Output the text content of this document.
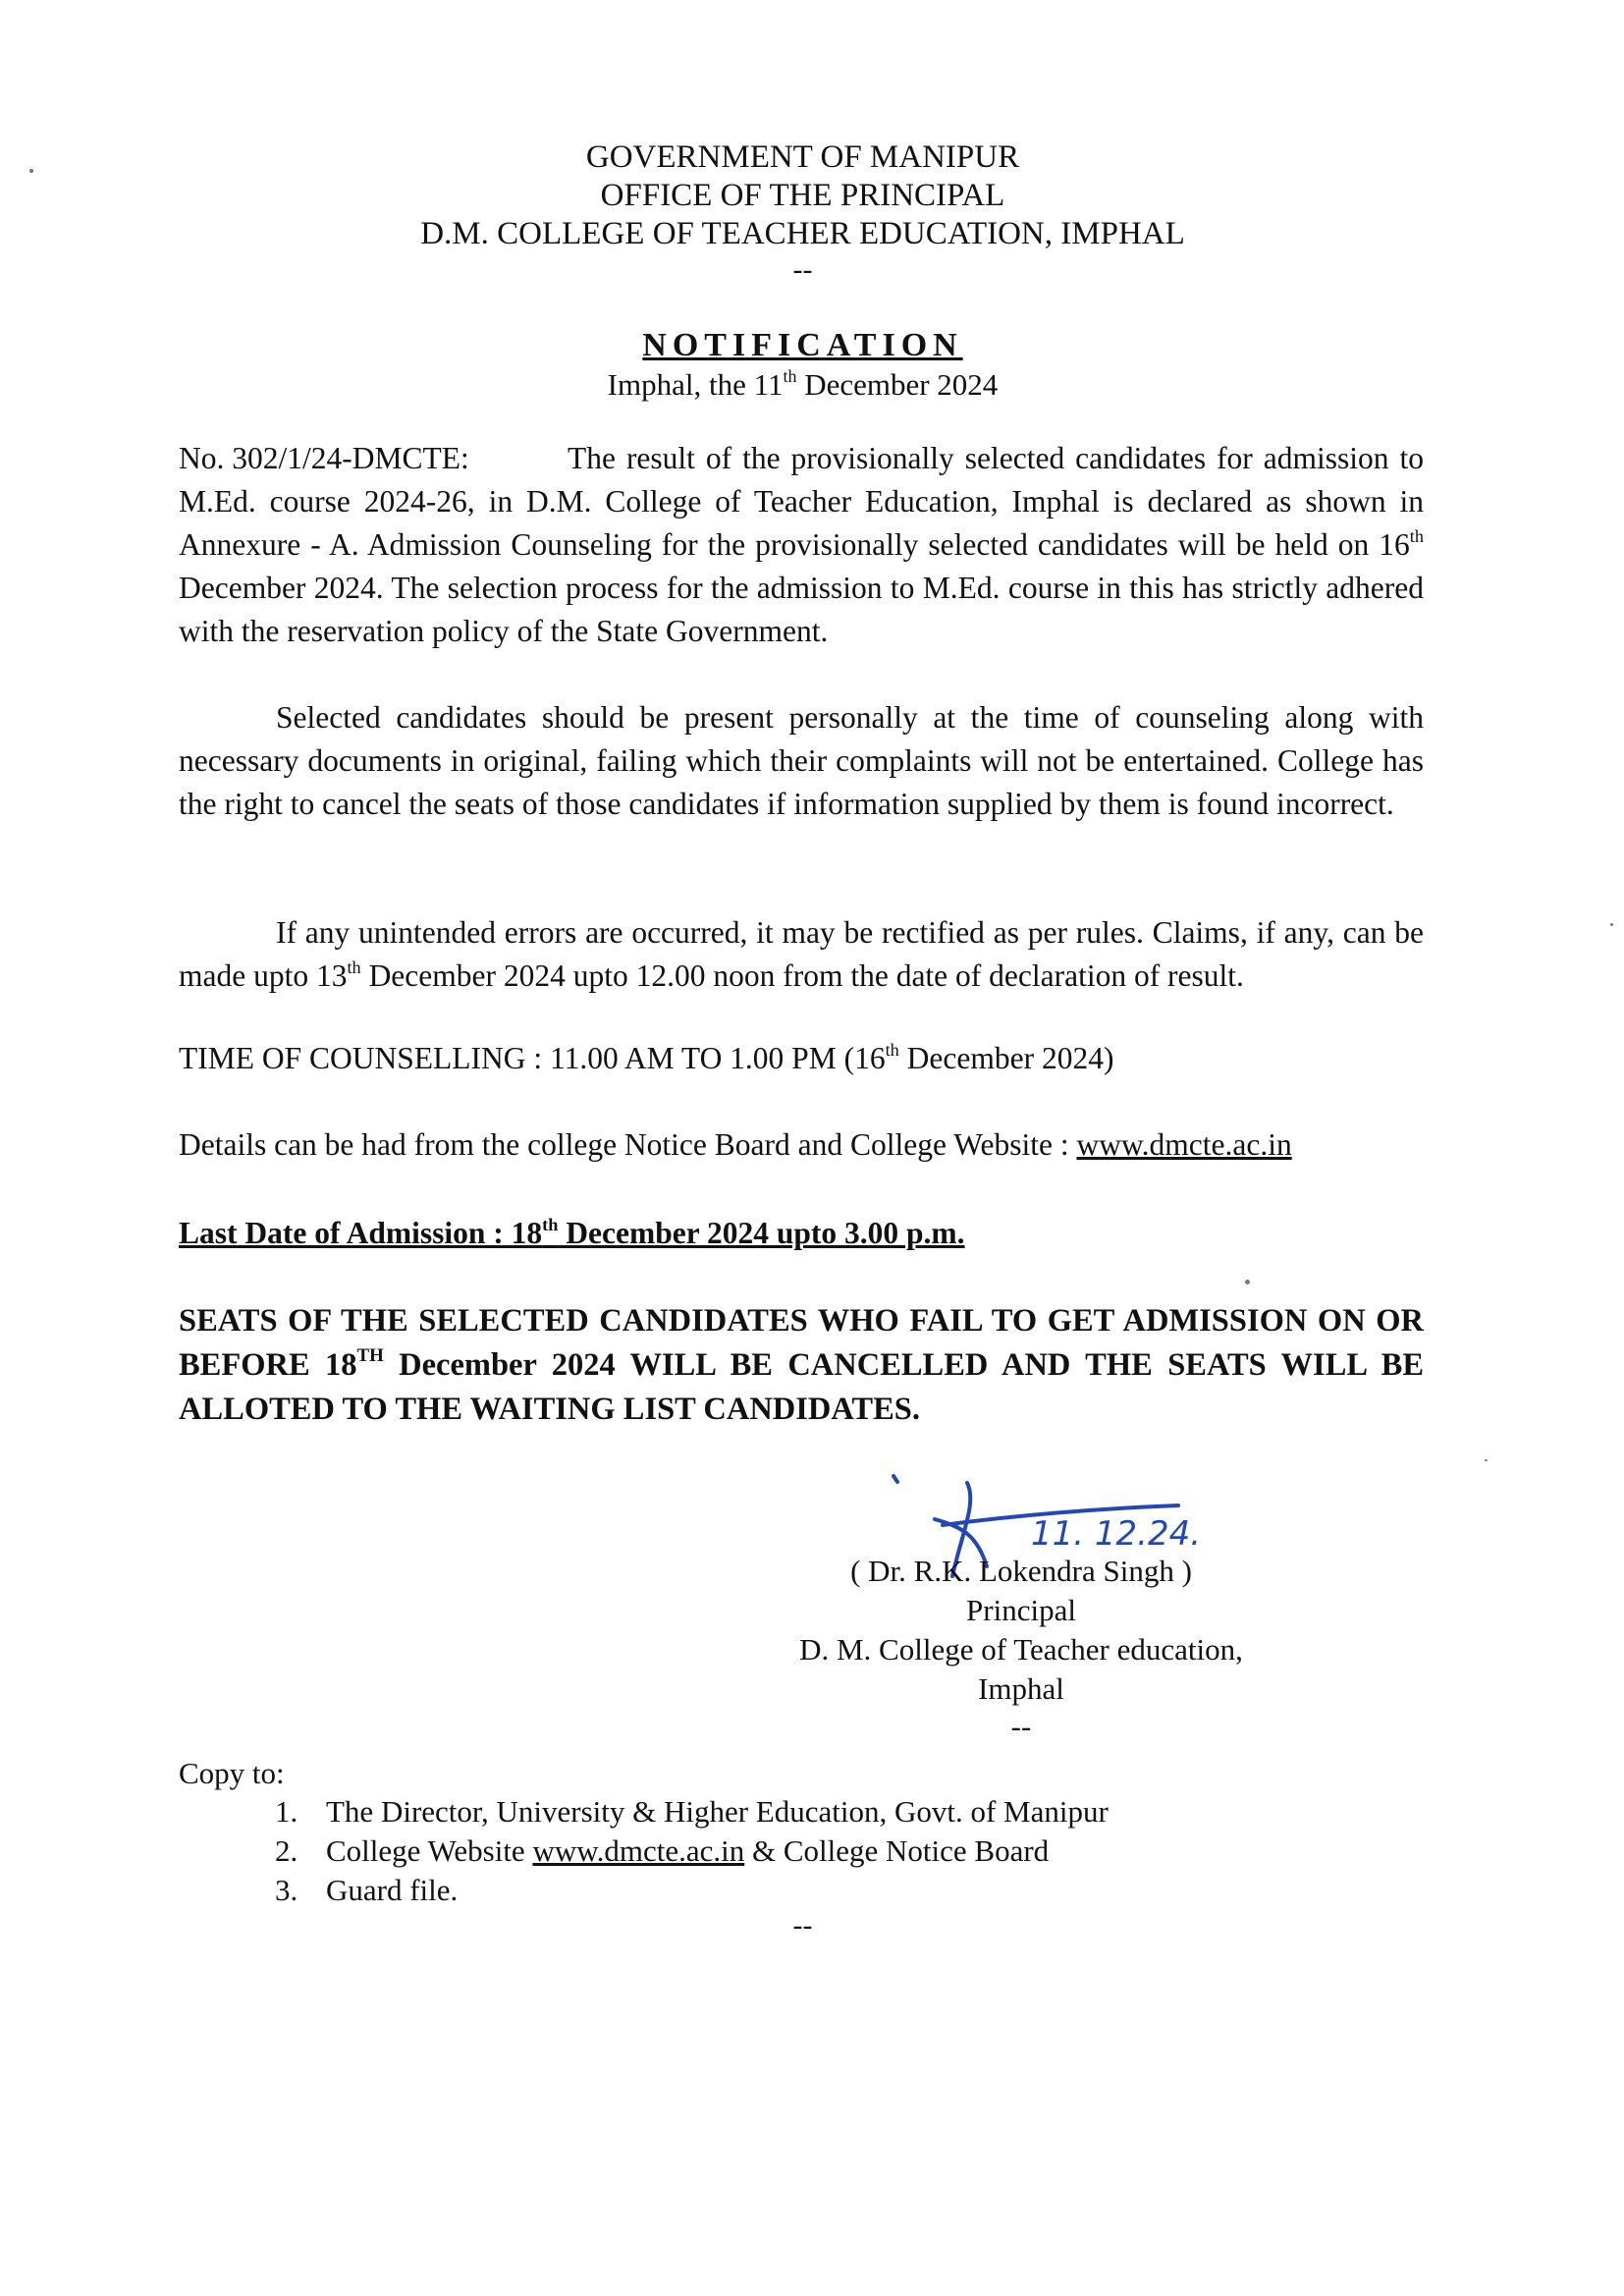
GOVERNMENT OF MANIPUR
OFFICE OF THE PRINCIPAL
D.M. COLLEGE OF TEACHER EDUCATION, IMPHAL
--
NOTIFICATION
Imphal, the 11th December 2024
No. 302/1/24-DMCTE:	The result of the provisionally selected candidates for admission to M.Ed. course 2024-26, in D.M. College of Teacher Education, Imphal is declared as shown in Annexure - A. Admission Counseling for the provisionally selected candidates will be held on 16th December 2024. The selection process for the admission to M.Ed. course in this has strictly adhered with the reservation policy of the State Government.
Selected candidates should be present personally at the time of counseling along with necessary documents in original, failing which their complaints will not be entertained. College has the right to cancel the seats of those candidates if information supplied by them is found incorrect.
If any unintended errors are occurred, it may be rectified as per rules. Claims, if any, can be made upto 13th December 2024 upto 12.00 noon from the date of declaration of result.
TIME OF COUNSELLING : 11.00 AM TO 1.00 PM (16th December 2024)
Details can be had from the college Notice Board and College Website : www.dmcte.ac.in
Last Date of Admission : 18th December 2024 upto 3.00 p.m.
SEATS OF THE SELECTED CANDIDATES WHO FAIL TO GET ADMISSION ON OR BEFORE 18TH December 2024 WILL BE CANCELLED AND THE SEATS WILL BE ALLOTED TO THE WAITING LIST CANDIDATES.
11. 12.24.
( Dr. R.K. Lokendra Singh )
Principal
D. M. College of Teacher education,
Imphal
--
Copy to:
1. The Director, University & Higher Education, Govt. of Manipur
2. College Website www.dmcte.ac.in & College Notice Board
3. Guard file.
--
